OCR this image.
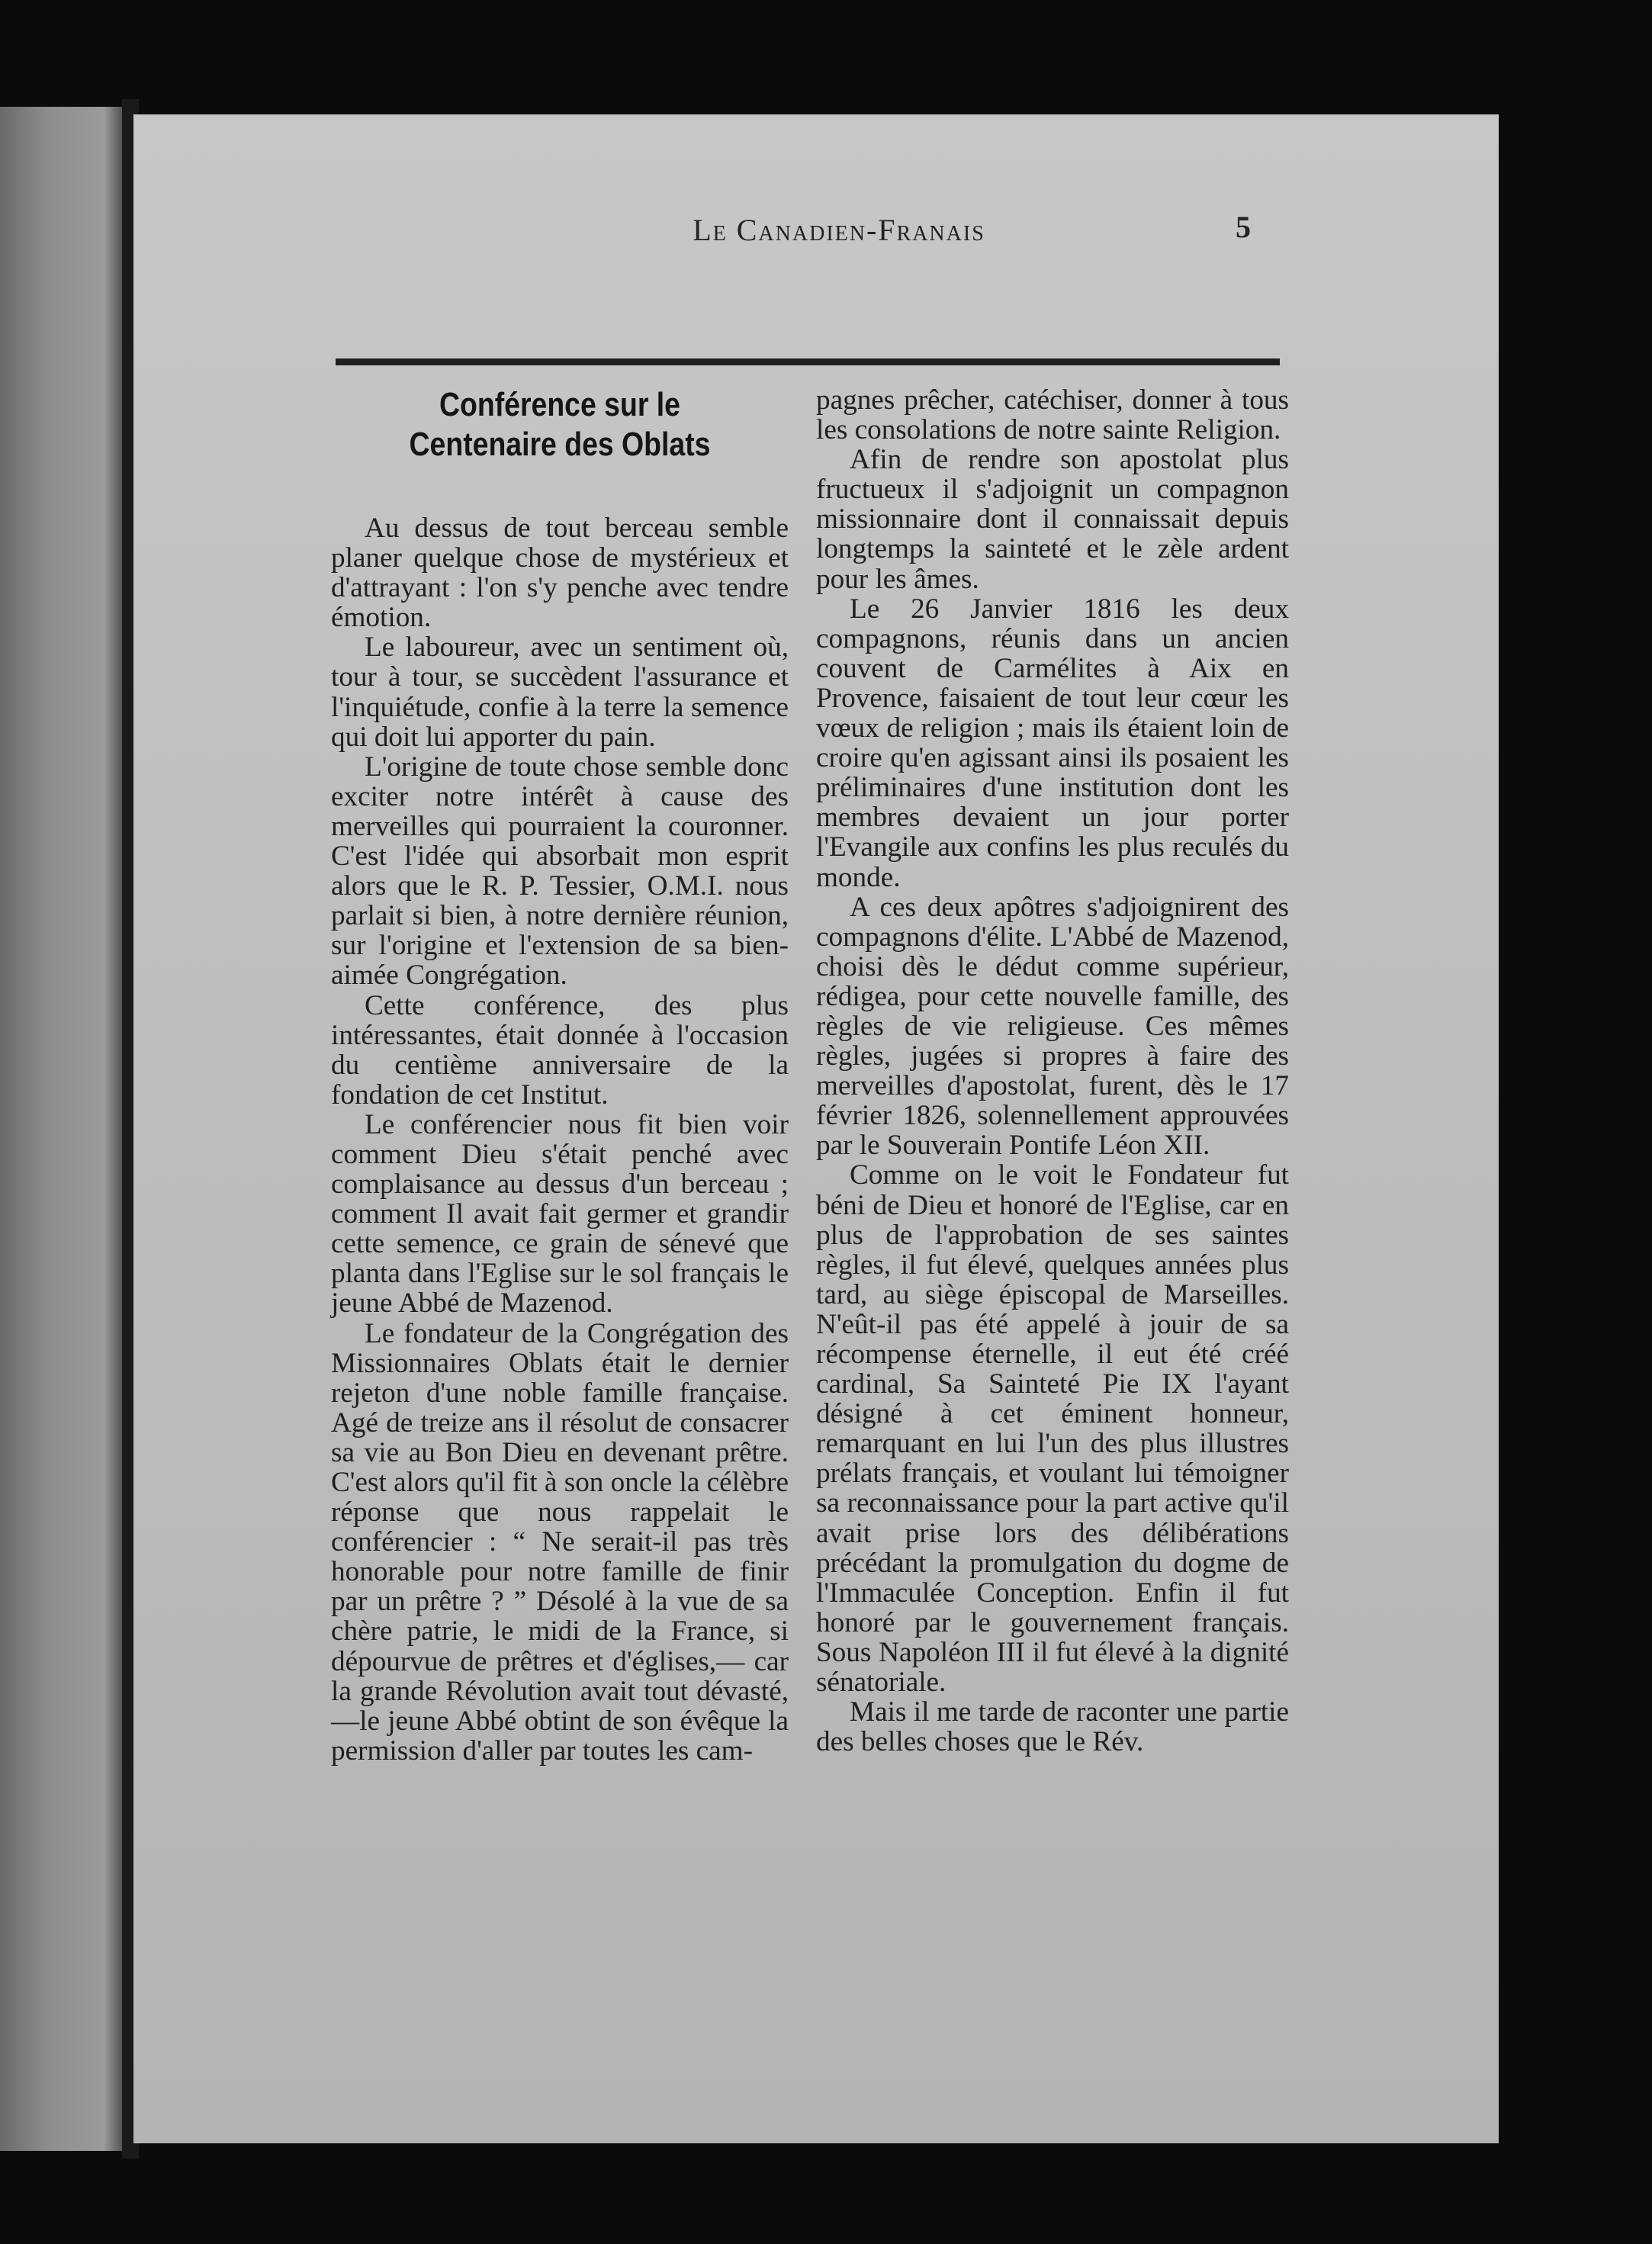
Le Canadien-Franais	5
Conférence sur le Centenaire des Oblats

Au dessus de tout berceau semble planer quelque chose de mystérieux et d'attrayant : l'on s'y penche avec tendre émotion.

Le laboureur, avec un sentiment où, tour à tour, se succèdent l'assurance et l'inquiétude, confie à la terre la semence qui doit lui apporter du pain.

L'origine de toute chose semble donc exciter notre intérêt à cause des merveilles qui pourraient la couronner. C'est l'idée qui absorbait mon esprit alors que le R. P. Tessier, O.M.I. nous parlait si bien, à notre dernière réunion, sur l'origine et l'extension de sa bien-aimée Congrégation.

Cette conférence, des plus intéressantes, était donnée à l'occasion du centième anniversaire de la fondation de cet Institut.

Le conférencier nous fit bien voir comment Dieu s'était penché avec complaisance au dessus d'un berceau ; comment Il avait fait germer et grandir cette semence, ce grain de sénevé que planta dans l'Eglise sur le sol français le jeune Abbé de Mazenod.

Le fondateur de la Congrégation des Missionnaires Oblats était le dernier rejeton d'une noble famille française. Agé de treize ans il résolut de consacrer sa vie au Bon Dieu en devenant prêtre. C'est alors qu'il fit à son oncle la célèbre réponse que nous rappelait le conférencier : “ Ne serait-il pas très honorable pour notre famille de finir par un prêtre ? ” Désolé à la vue de sa chère patrie, le midi de la France, si dépourvue de prêtres et d'églises,— car la grande Révolution avait tout dévasté,—le jeune Abbé obtint de son évêque la permission d'aller par toutes les cam-

pagnes prêcher, catéchiser, donner à tous les consolations de notre sainte Religion.

Afin de rendre son apostolat plus fructueux il s'adjoignit un compagnon missionnaire dont il connaissait depuis longtemps la sainteté et le zèle ardent pour les âmes.

Le 26 Janvier 1816 les deux compagnons, réunis dans un ancien couvent de Carmélites à Aix en Provence, faisaient de tout leur cœur les vœux de religion ; mais ils étaient loin de croire qu'en agissant ainsi ils posaient les préliminaires d'une institution dont les membres devaient un jour porter l'Evangile aux confins les plus reculés du monde.

A ces deux apôtres s'adjoignirent des compagnons d'élite. L'Abbé de Mazenod, choisi dès le dédut comme supérieur, rédigea, pour cette nouvelle famille, des règles de vie religieuse. Ces mêmes règles, jugées si propres à faire des merveilles d'apostolat, furent, dès le 17 février 1826, solennellement approuvées par le Souverain Pontife Léon XII.

Comme on le voit le Fondateur fut béni de Dieu et honoré de l'Eglise, car en plus de l'approbation de ses saintes règles, il fut élevé, quelques années plus tard, au siège épiscopal de Marseilles. N'eût-il pas été appelé à jouir de sa récompense éternelle, il eut été créé cardinal, Sa Sainteté Pie IX l'ayant désigné à cet éminent honneur, remarquant en lui l'un des plus illustres prélats français, et voulant lui témoigner sa reconnaissance pour la part active qu'il avait prise lors des délibérations précédant la promulgation du dogme de l'Immaculée Conception. Enfin il fut honoré par le gouvernement français. Sous Napoléon III il fut élevé à la dignité sénatoriale.

Mais il me tarde de raconter une partie des belles choses que le Rév.
